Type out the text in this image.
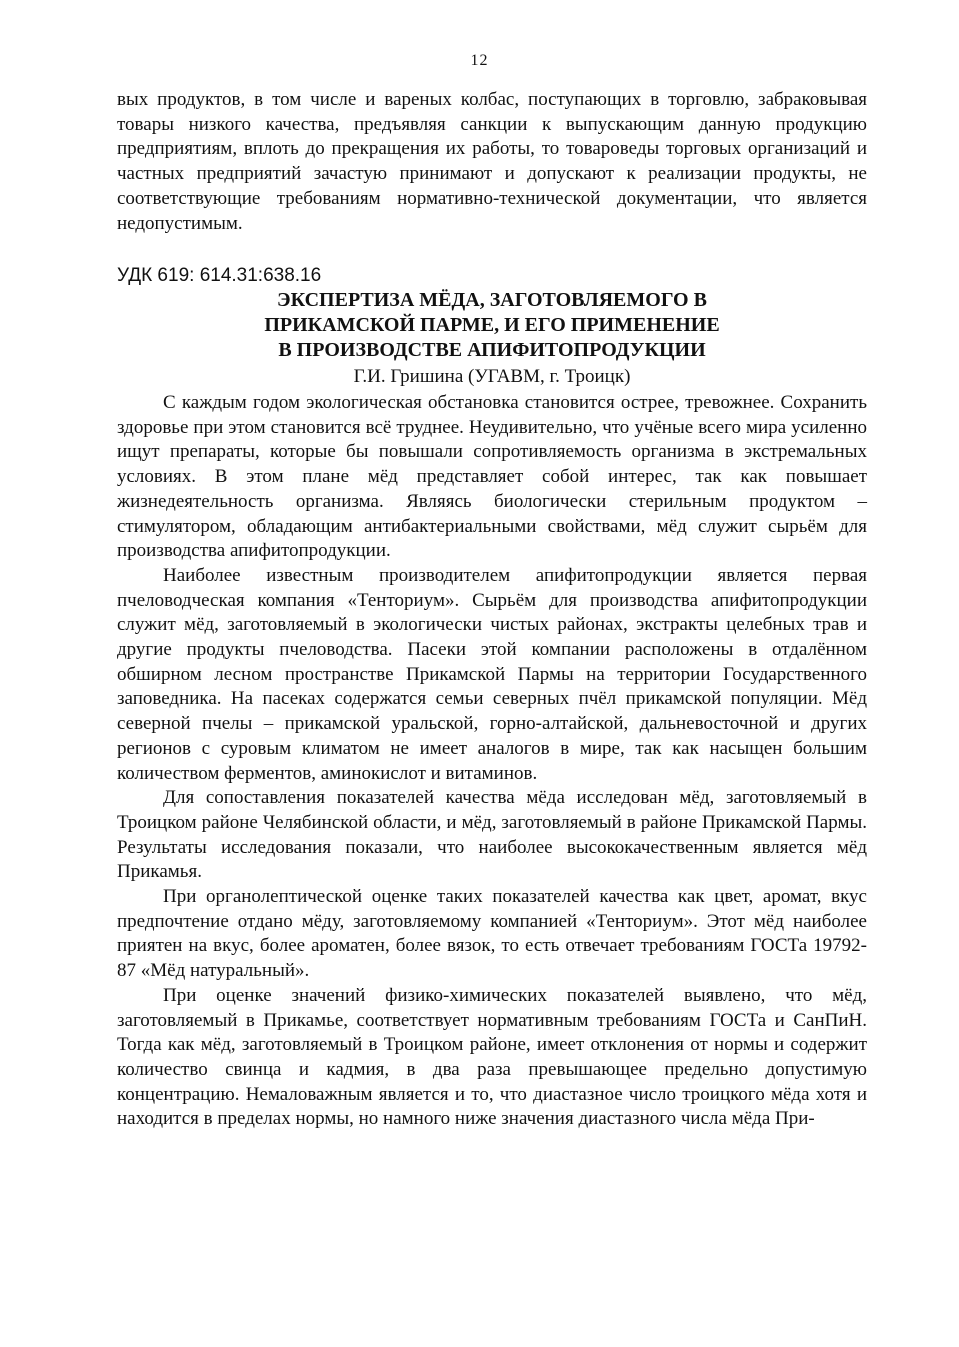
12

вых продуктов, в том числе и вареных колбас, поступающих в торговлю, забраковывая товары низкого качества, предъявляя санкции к выпускающим данную продукцию предприятиям, вплоть до прекращения их работы, то товароведы торговых организаций и частных предприятий зачастую принимают и допускают к реализации продукты, не соответствующие требованиям нормативно-технической документации, что является недопустимым.

УДК 619: 614.31:638.16
ЭКСПЕРТИЗА МЁДА, ЗАГОТОВЛЯЕМОГО В
ПРИКАМСКОЙ ПАРМЕ, И ЕГО ПРИМЕНЕНИЕ
В ПРОИЗВОДСТВЕ АПИФИТОПРОДУКЦИИ
Г.И. Гришина (УГАВМ, г. Троицк)

С каждым годом экологическая обстановка становится острее, тревожнее. Сохранить здоровье при этом становится всё труднее. Неудивительно, что учёные всего мира усиленно ищут препараты, которые бы повышали сопротивляемость организма в экстремальных условиях. В этом плане мёд представляет собой интерес, так как повышает жизнедеятельность организма. Являясь биологически стерильным продуктом – стимулятором, обладающим антибактериальными свойствами, мёд служит сырьём для производства апифитопродукции.

Наиболее известным производителем апифитопродукции является первая пчеловодческая компания «Тенториум». Сырьём для производства апифитопродукции служит мёд, заготовляемый в экологически чистых районах, экстракты целебных трав и другие продукты пчеловодства. Пасеки этой компании расположены в отдалённом обширном лесном пространстве Прикамской Пармы на территории Государственного заповедника. На пасеках содержатся семьи северных пчёл прикамской популяции. Мёд северной пчелы – прикамской уральской, горно-алтайской, дальневосточной и других регионов с суровым климатом не имеет аналогов в мире, так как насыщен большим количеством ферментов, аминокислот и витаминов.

Для сопоставления показателей качества мёда исследован мёд, заготовляемый в Троицком районе Челябинской области, и мёд, заготовляемый в районе Прикамской Пармы. Результаты исследования показали, что наиболее высококачественным является мёд Прикамья.

При органолептической оценке таких показателей качества как цвет, аромат, вкус предпочтение отдано мёду, заготовляемому компанией «Тенториум». Этот мёд наиболее приятен на вкус, более ароматен, более вязок, то есть отвечает требованиям ГОСТа 19792-87 «Мёд натуральный».

При оценке значений физико-химических показателей выявлено, что мёд, заготовляемый в Прикамье, соответствует нормативным требованиям ГОСТа и СанПиН. Тогда как мёд, заготовляемый в Троицком районе, имеет отклонения от нормы и содержит количество свинца и кадмия, в два раза превышающее предельно допустимую концентрацию. Немаловажным является и то, что диастазное число троицкого мёда хотя и находится в пределах нормы, но намного ниже значения диастазного числа мёда При-
